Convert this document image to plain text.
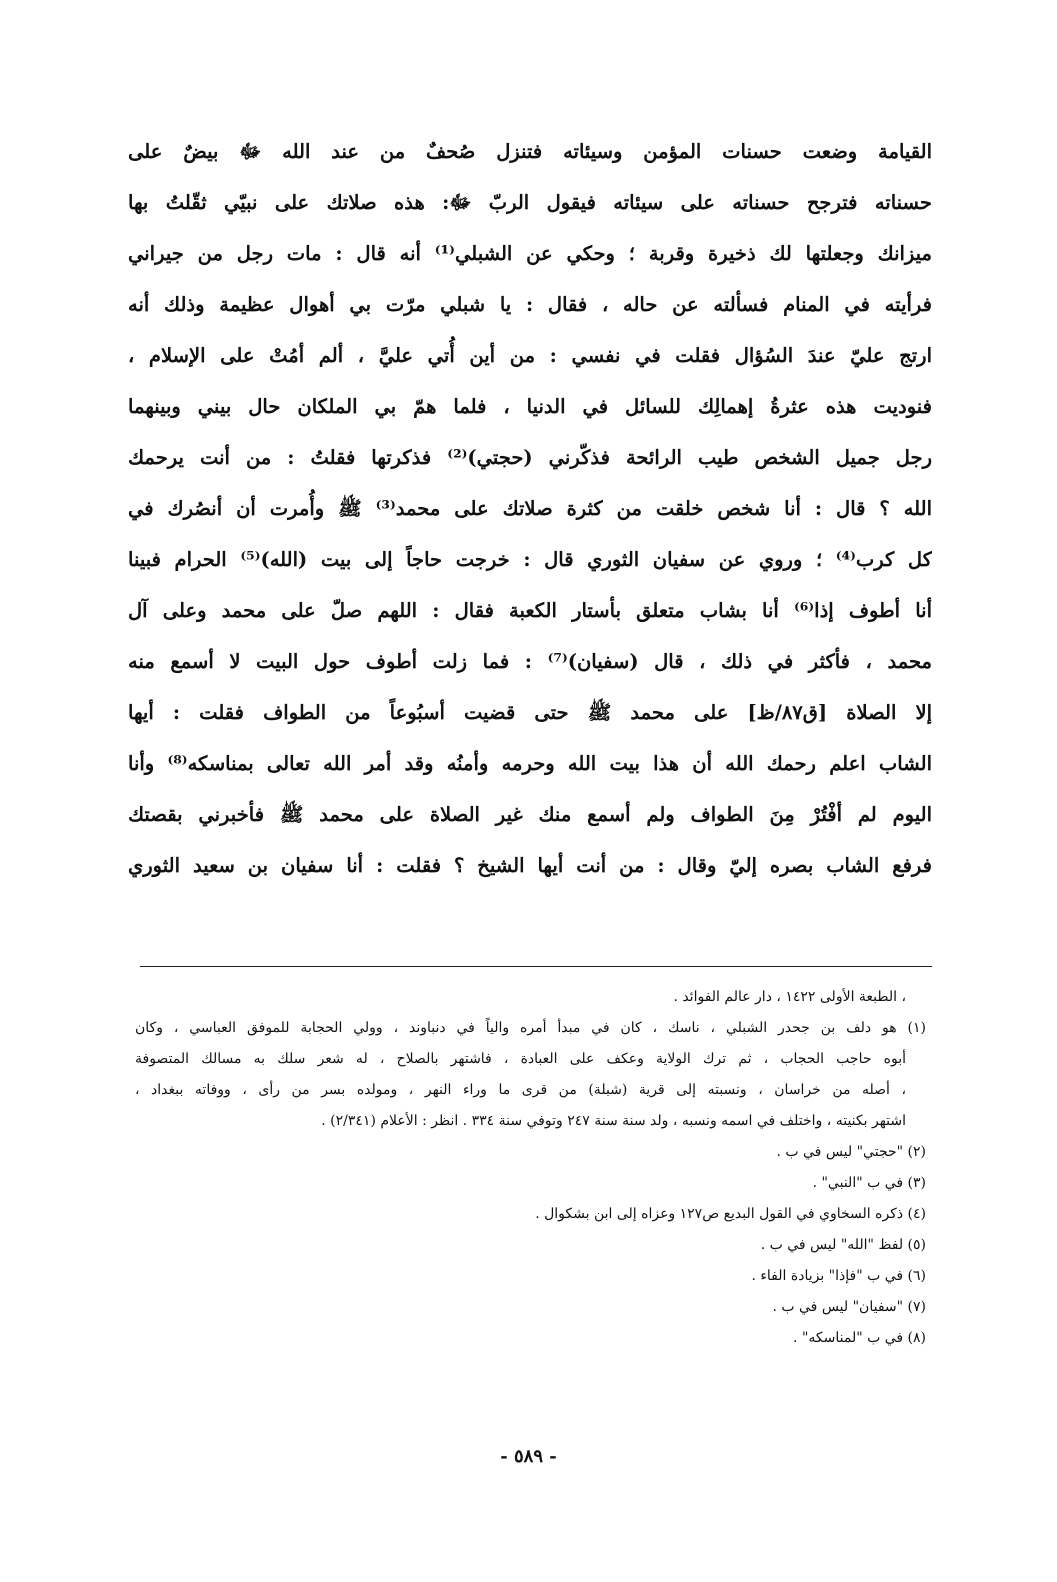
القيامة وضعت حسنات المؤمن وسيئاته فتنزل صُحفٌ من عند الله ﷻ بيضٌ على
حسناته فترجح حسناته على سيئاته فيقول الربّ ﷻ: هذه صلاتك على نبيّي ثقّلتُ بها
ميزانك وجعلتها لك ذخيرة وقربة ؛ وحكي عن الشبلي⁽¹⁾ أنه قال : مات رجل من جيراني
فرأيته في المنام فسألته عن حاله ، فقال : يا شبلي مرّت بي أهوال عظيمة وذلك أنه
ارتج عليّ عندَ السُؤال فقلت في نفسي : من أين أُتي عليَّ ، ألم أمُتْ على الإسلام ،
فنوديت هذه عثرةُ إهمالِك للسائل في الدنيا ، فلما همّ بي الملكان حال بيني وبينهما
رجل جميل الشخص طيب الرائحة فذكّرني (حجتي)⁽²⁾ فذكرتها فقلتُ : من أنت يرحمك
الله ؟ قال : أنا شخص خلقت من كثرة صلاتك على محمد⁽³⁾ ﷺ وأُمرت أن أنصُرك في
كل كرب⁽⁴⁾ ؛ وروي عن سفيان الثوري قال : خرجت حاجاً إلى بيت (الله)⁽⁵⁾ الحرام فبينا
أنا أطوف إذا⁽⁶⁾ أنا بشاب متعلق بأستار الكعبة فقال : اللهم صلّ على محمد وعلى آل
محمد ، فأكثر في ذلك ، قال (سفيان)⁽⁷⁾ : فما زلت أطوف حول البيت لا أسمع منه
إلا الصلاة [ق٨٧/ظ] على محمد ﷺ حتى قضيت أسبُوعاً من الطواف فقلت : أيها
الشاب اعلم رحمك الله أن هذا بيت الله وحرمه وأمنُه وقد أمر الله تعالى بمناسكه⁽⁸⁾ وأنا
اليوم لم أفْتُرْ مِنَ الطواف ولم أسمع منك غير الصلاة على محمد ﷺ فأخبرني بقصتك
فرفع الشاب بصره إليّ وقال : من أنت أيها الشيخ ؟ فقلت : أنا سفيان بن سعيد الثوري
، الطبعة الأولى ١٤٢٢ ، دار عالم الفوائد .
(١) هو دلف بن جحدر الشبلي ، ناسك ، كان في مبدأ أمره والياً في دنباوند ، وولي الحجابة للموفق العباسي ، وكان
أبوه حاجب الحجاب ، ثم ترك الولاية وعكف على العبادة ، فاشتهر بالصلاح ، له شعر سلك به مسالك المتصوفة
، أصله من خراسان ، ونسبته إلى قرية (شبلة) من قرى ما وراء النهر ، ومولده بسر من رأى ، ووفاته ببغداد ،
اشتهر بكنيته ، واختلف في اسمه ونسبه ، ولد سنة سنة ٢٤٧ وتوفي سنة ٣٣٤ . انظر : الأعلام (٢/٣٤١) .
(٢) "حجتي" ليس في ب .
(٣) في ب "النبي" .
(٤) ذكره السخاوي في القول البديع ص١٢٧ وعزاه إلى ابن بشكوال .
(٥) لفظ "الله" ليس في ب .
(٦) في ب "فإذا" بزيادة الفاء .
(٧) "سفيان" ليس في ب .
(٨) في ب "لمناسكه" .
- ٥٨٩ -
